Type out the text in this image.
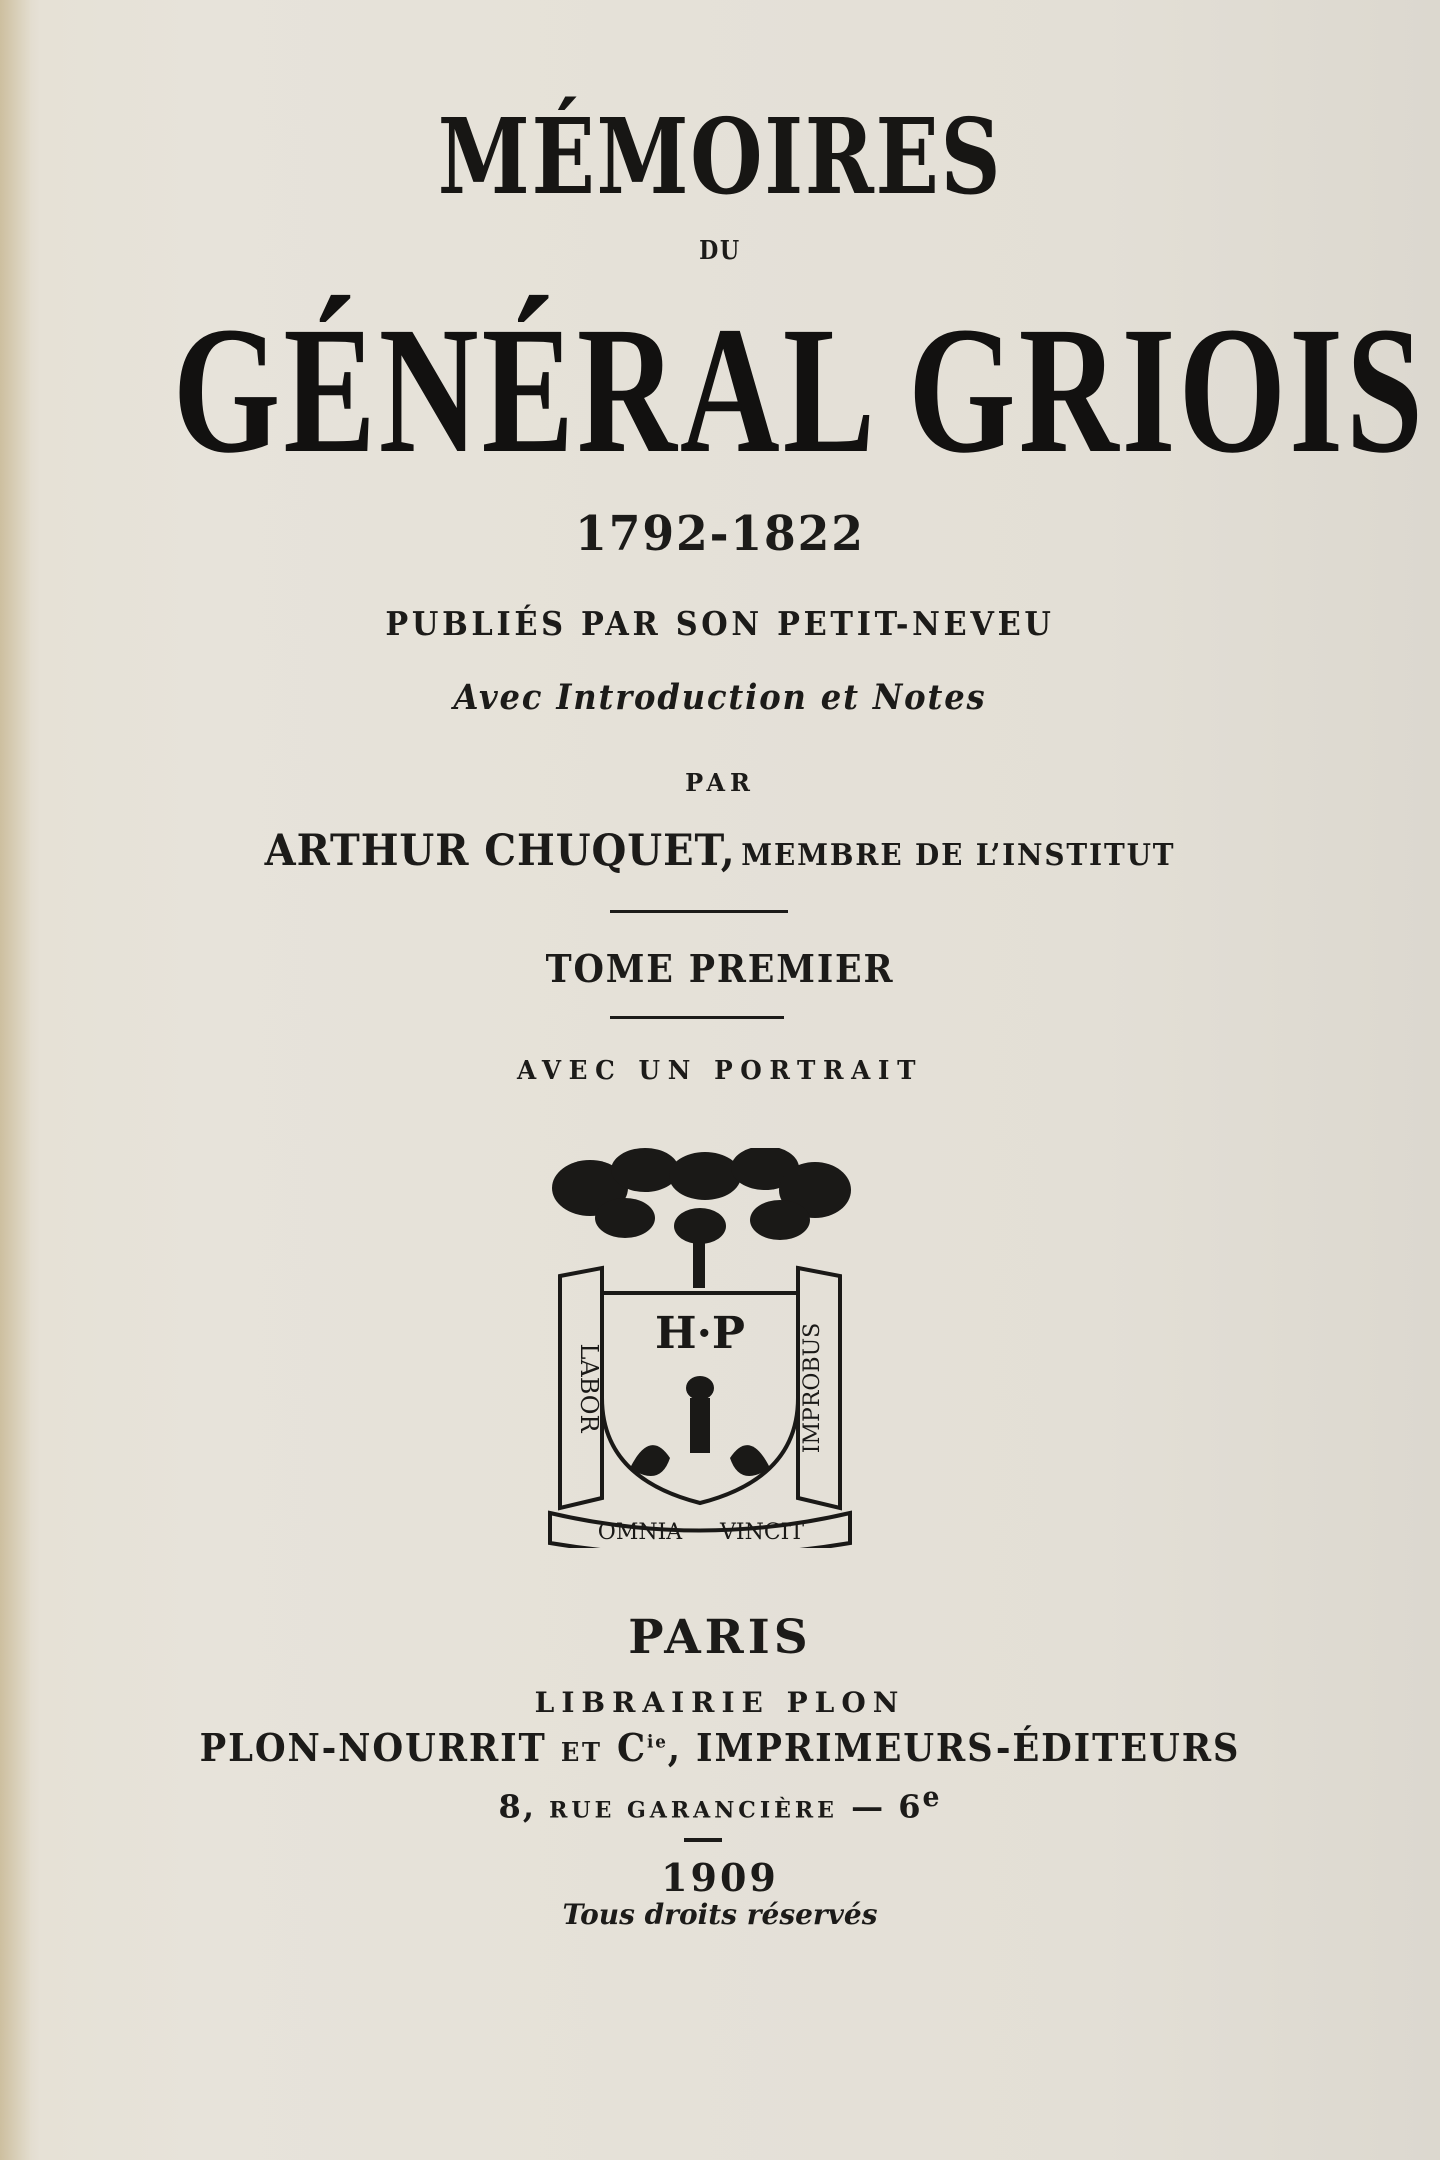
MÉMOIRES

DU

GÉNÉRAL GRIOIS

1792-1822

PUBLIÉS PAR SON PETIT-NEVEU

Avec Introduction et Notes

PAR

ARTHUR CHUQUET, MEMBRE DE L’INSTITUT

TOME PREMIER

AVEC UN PORTRAIT

H·P
LABOR	IMPROBUS
OMNIA VINCIT

PARIS

LIBRAIRIE PLON

PLON-NOURRIT ET $C^{ie}$, IMPRIMEURS-ÉDITEURS

8, RUE GARANCIÈRE — 6e

1909

Tous droits réservés
